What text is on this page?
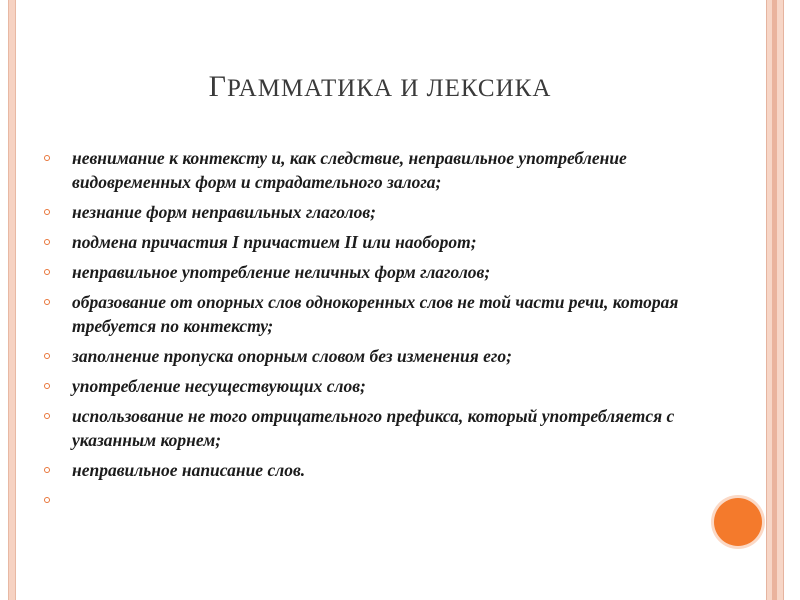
ГРАММАТИКА И ЛЕКСИКА
невнимание к контексту и, как следствие, неправильное употребление видовременных форм и страдательного залога;
незнание форм неправильных глаголов;
подмена причастия I причастием II или наоборот;
неправильное употребление неличных форм глаголов;
образование от опорных слов однокоренных слов не той части речи, которая требуется по контексту;
заполнение пропуска опорным словом без изменения его;
употребление несуществующих слов;
использование не того отрицательного префикса, который употребляется с указанным корнем;
неправильное написание слов.
